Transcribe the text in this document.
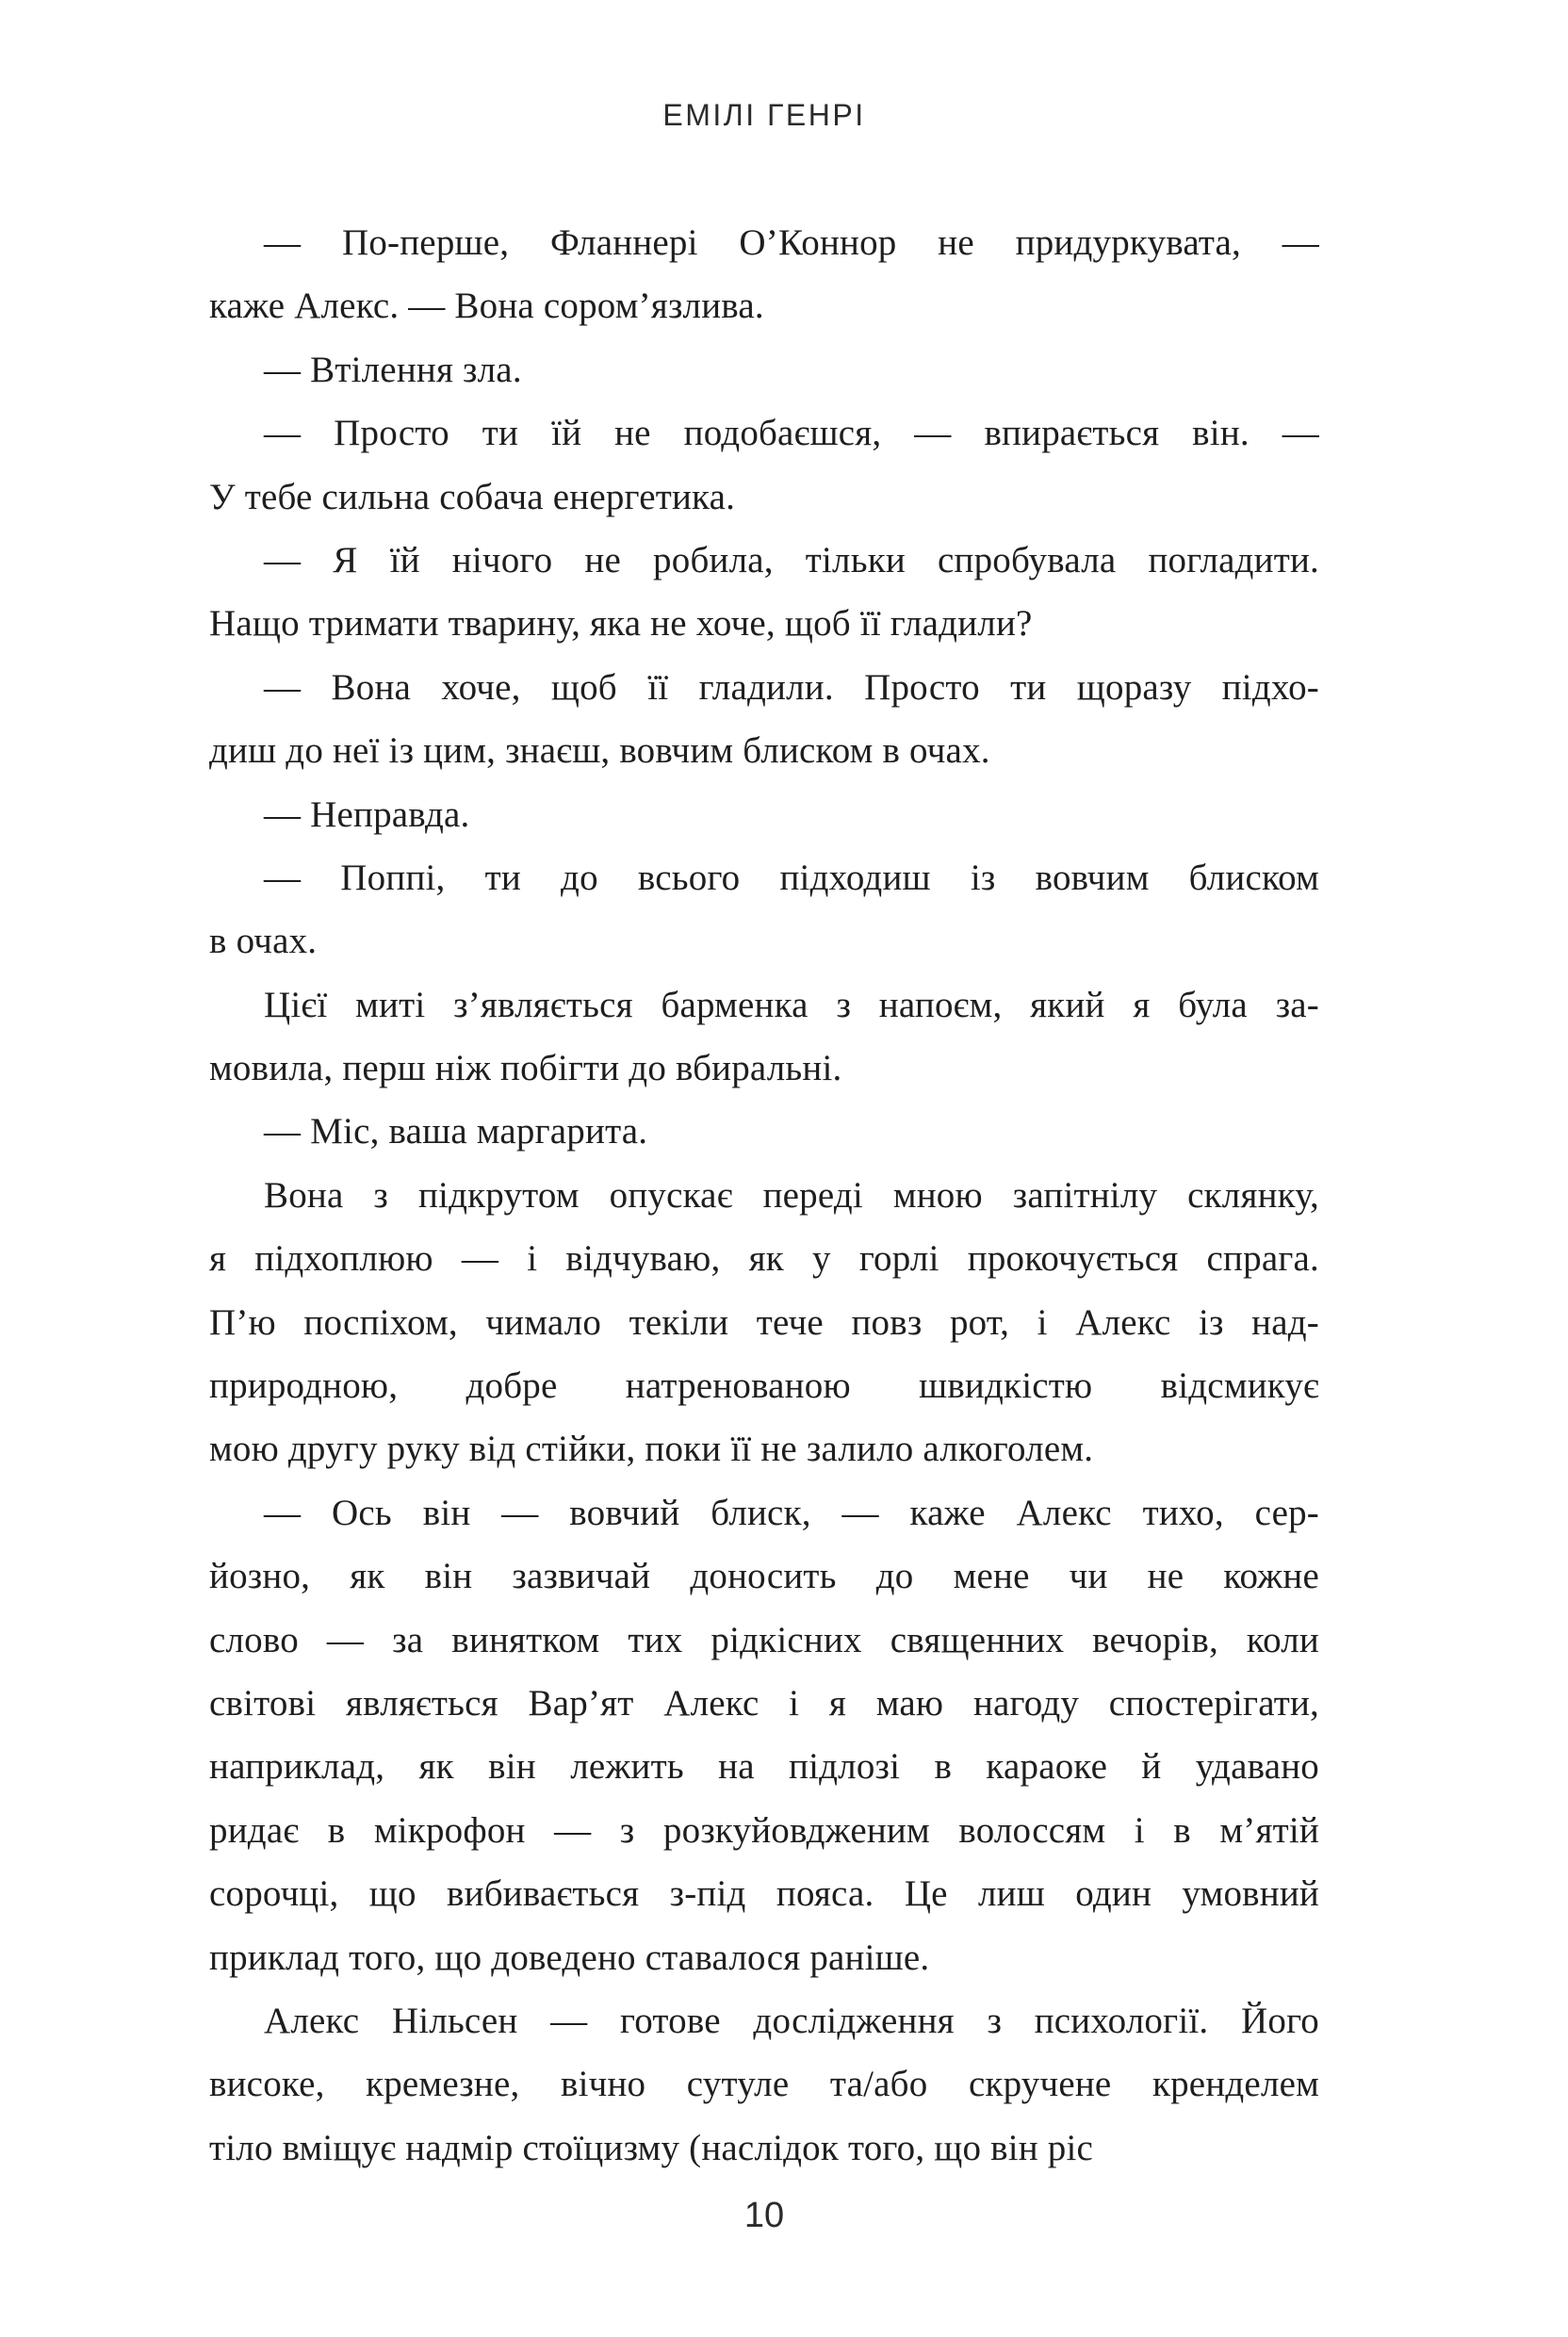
ЕМІЛІ ГЕНРІ
— По-перше, Фланнері О’Коннор не придуркувата, —
каже Алекс. — Вона сором’язлива.
— Втілення зла.
— Просто ти їй не подобаєшся, — впирається він. —
У тебе сильна собача енергетика.
— Я їй нічого не робила, тільки спробувала погладити.
Нащо тримати тварину, яка не хоче, щоб її гладили?
— Вона хоче, щоб її гладили. Просто ти щоразу підхо-
диш до неї із цим, знаєш, вовчим блиском в очах.
— Неправда.
— Поппі, ти до всього підходиш із вовчим блиском
в очах.
Цієї миті з’являється барменка з напоєм, який я була за-
мовила, перш ніж побігти до вбиральні.
— Міс, ваша маргарита.
Вона з підкрутом опускає переді мною запітнілу склянку,
я підхоплюю — і відчуваю, як у горлі прокочується спрага.
П’ю поспіхом, чимало текіли тече повз рот, і Алекс із над-
природною, добре натренованою швидкістю відсмикує
мою другу руку від стійки, поки її не залило алкоголем.
— Ось він — вовчий блиск, — каже Алекс тихо, сер-
йозно, як він зазвичай доносить до мене чи не кожне
слово — за винятком тих рідкісних священних вечорів, коли
світові являється Вар’ят Алекс і я маю нагоду спостерігати,
наприклад, як він лежить на підлозі в караоке й удавано
ридає в мікрофон — з розкуйовдженим волоссям і в м’ятій
сорочці, що вибивається з-під пояса. Це лиш один умовний
приклад того, що доведено ставалося раніше.
Алекс Нільсен — готове дослідження з психології. Його
високе, кремезне, вічно сутуле та/або скручене кренделем
тіло вміщує надмір стоїцизму (наслідок того, що він ріс
10
